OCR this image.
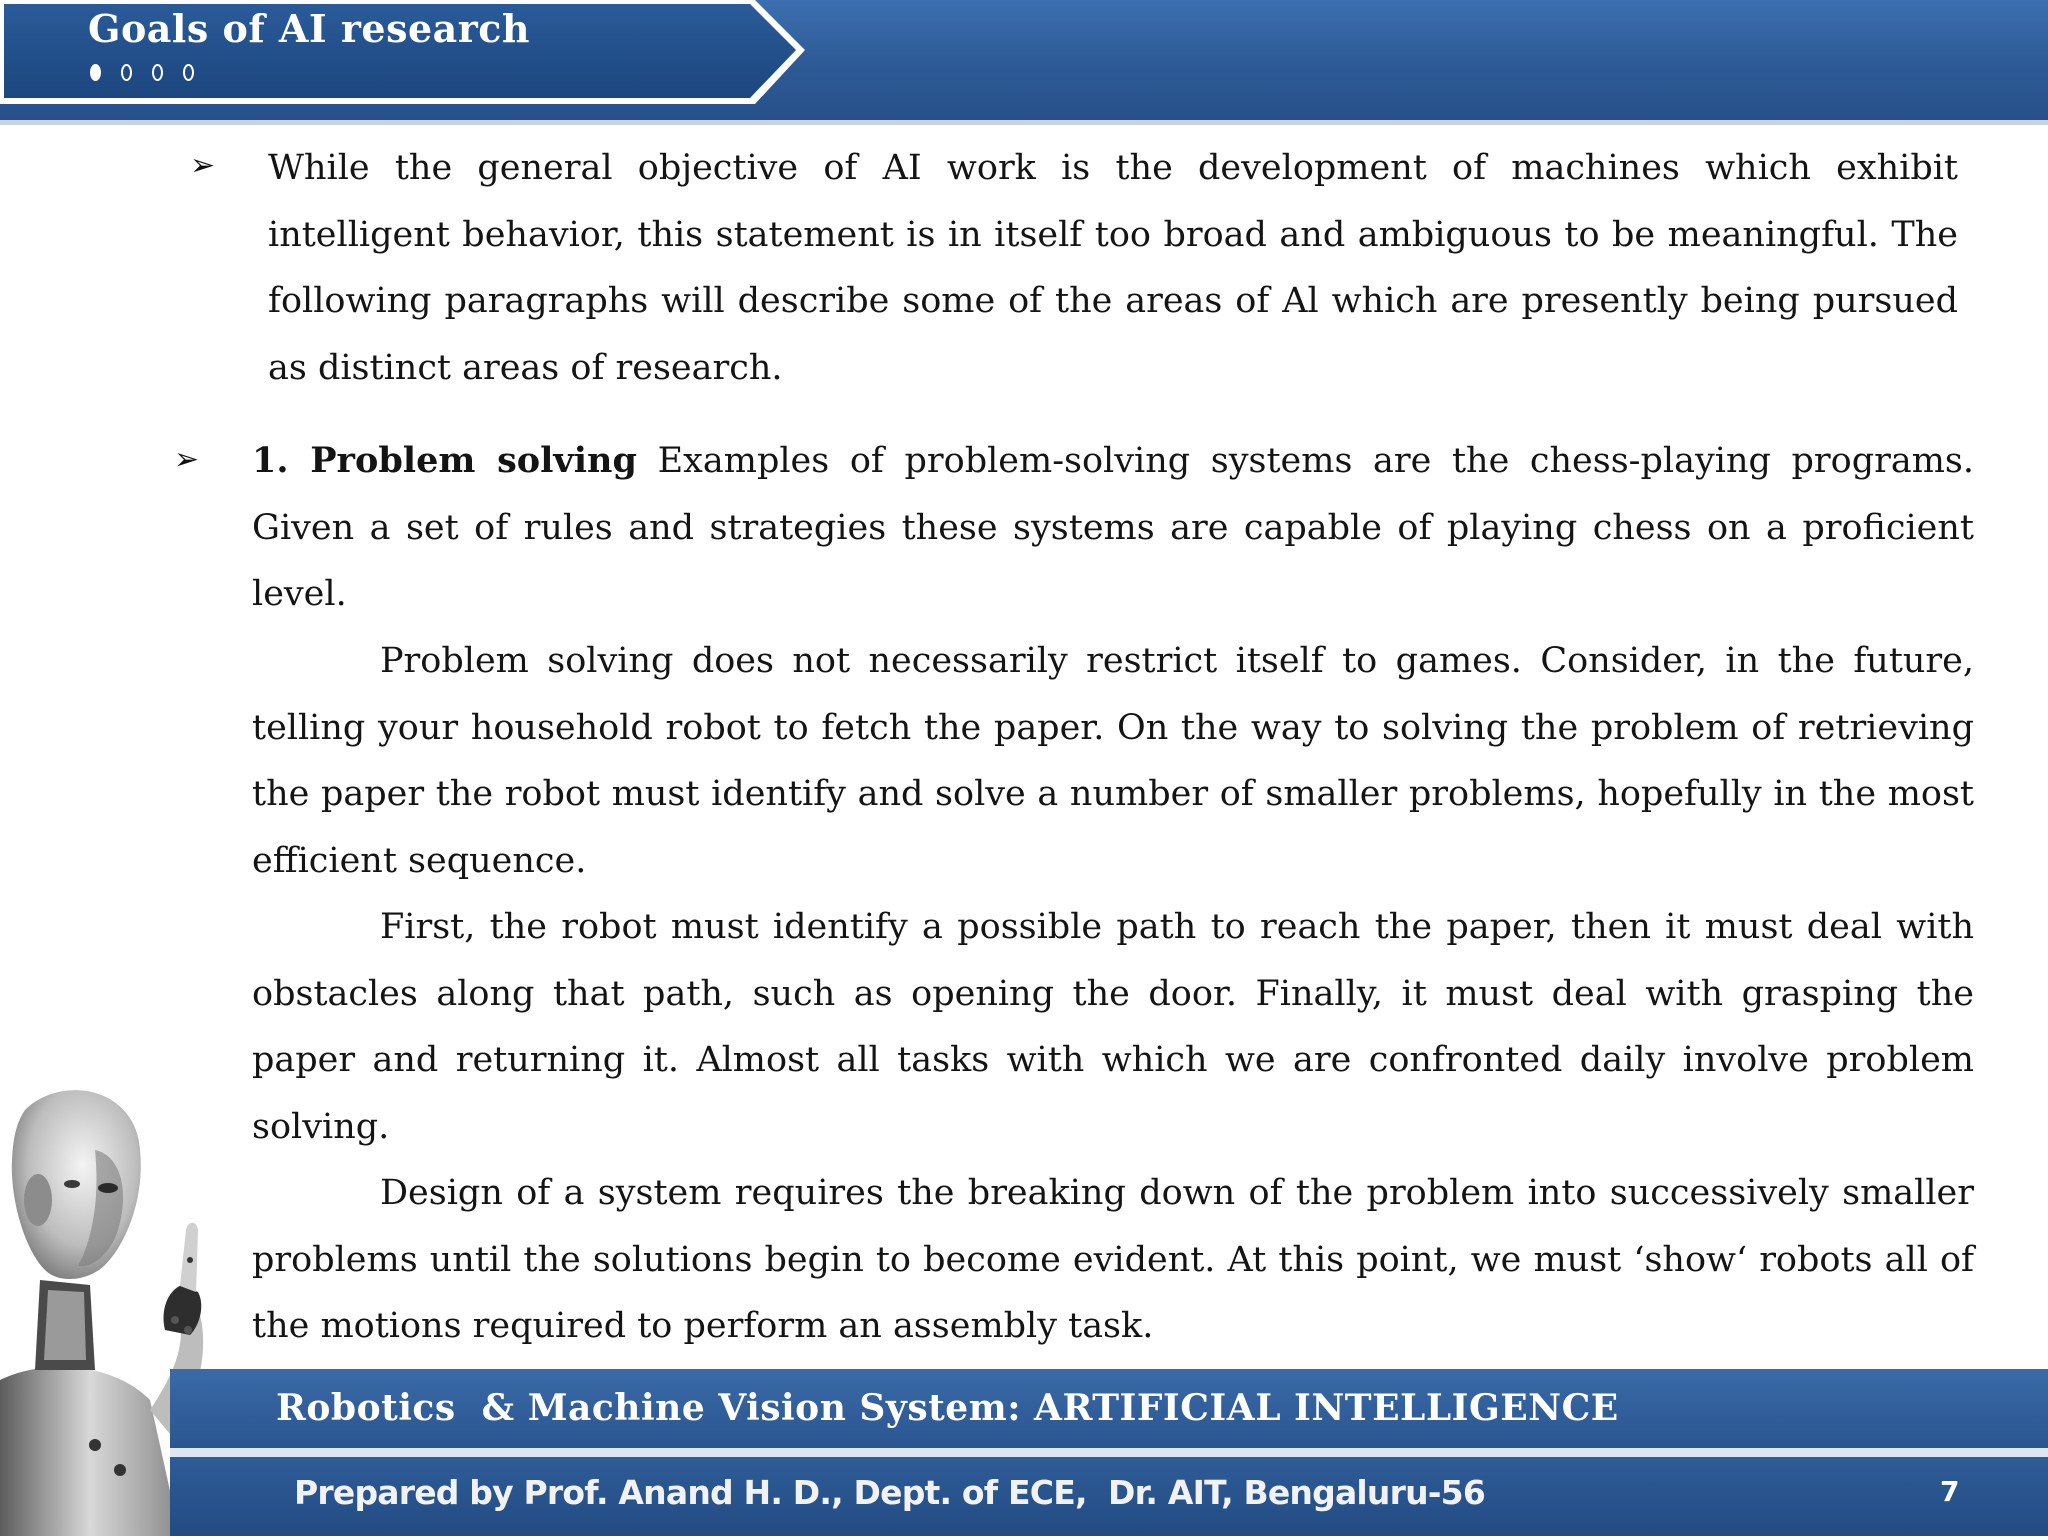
Goals of AI research
➢ While the general objective of AI work is the development of machines which exhibit intelligent behavior, this statement is in itself too broad and ambiguous to be meaningful. The following paragraphs will describe some of the areas of Al which are presently being pursued as distinct areas of research.

➢ 1. Problem solving Examples of problem-solving systems are the chess-playing programs. Given a set of rules and strategies these systems are capable of playing chess on a proficient level.

Problem solving does not necessarily restrict itself to games. Consider, in the future, telling your household robot to fetch the paper. On the way to solving the problem of retrieving the paper the robot must identify and solve a number of smaller problems, hopefully in the most efficient sequence.

First, the robot must identify a possible path to reach the paper, then it must deal with obstacles along that path, such as opening the door. Finally, it must deal with grasping the paper and returning it. Almost all tasks with which we are confronted daily involve problem solving.

Design of a system requires the breaking down of the problem into successively smaller problems until the solutions begin to become evident. At this point, we must ‘show‘ robots all of the motions required to perform an assembly task.

Robotics  & Machine Vision System: ARTIFICIAL INTELLIGENCE
Prepared by Prof. Anand H. D., Dept. of ECE,  Dr. AIT, Bengaluru-56	7
